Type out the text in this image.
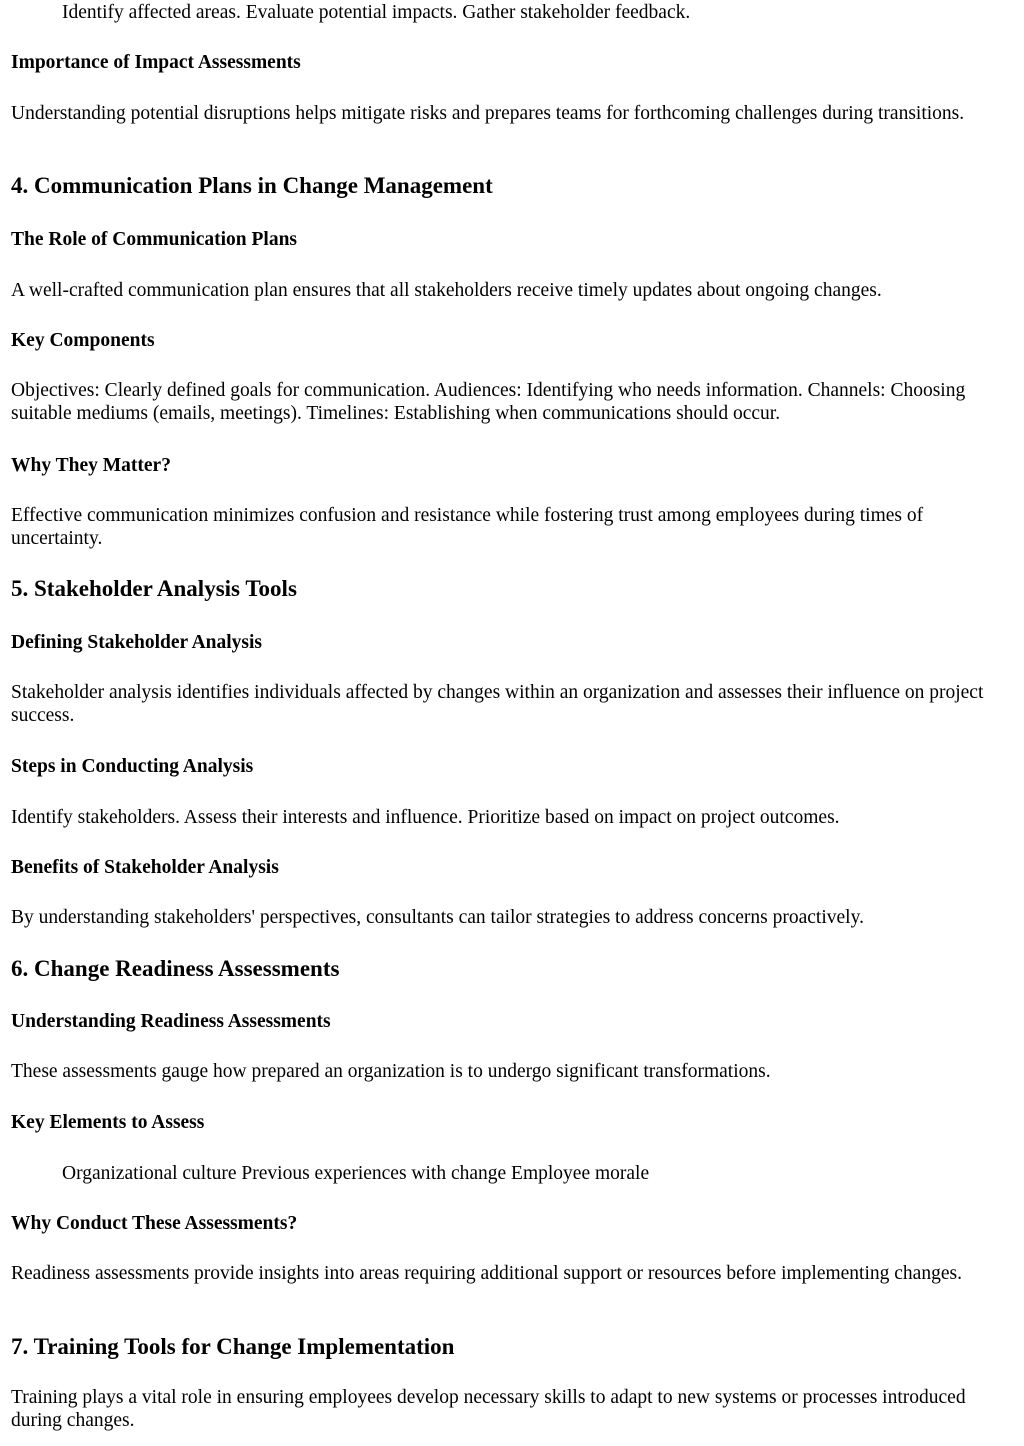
Identify affected areas. Evaluate potential impacts. Gather stakeholder feedback.

Importance of Impact Assessments

Understanding potential disruptions helps mitigate risks and prepares teams for forthcoming challenges during transitions.

4. Communication Plans in Change Management

The Role of Communication Plans

A well-crafted communication plan ensures that all stakeholders receive timely updates about ongoing changes.

Key Components

Objectives: Clearly defined goals for communication. Audiences: Identifying who needs information. Channels: Choosing suitable mediums (emails, meetings). Timelines: Establishing when communications should occur.

Why They Matter?

Effective communication minimizes confusion and resistance while fostering trust among employees during times of uncertainty.

5. Stakeholder Analysis Tools

Defining Stakeholder Analysis

Stakeholder analysis identifies individuals affected by changes within an organization and assesses their influence on project success.

Steps in Conducting Analysis

Identify stakeholders. Assess their interests and influence. Prioritize based on impact on project outcomes.

Benefits of Stakeholder Analysis

By understanding stakeholders' perspectives, consultants can tailor strategies to address concerns proactively.

6. Change Readiness Assessments

Understanding Readiness Assessments

These assessments gauge how prepared an organization is to undergo significant transformations.

Key Elements to Assess

Organizational culture Previous experiences with change Employee morale

Why Conduct These Assessments?

Readiness assessments provide insights into areas requiring additional support or resources before implementing changes.

7. Training Tools for Change Implementation

Training plays a vital role in ensuring employees develop necessary skills to adapt to new systems or processes introduced during changes.
